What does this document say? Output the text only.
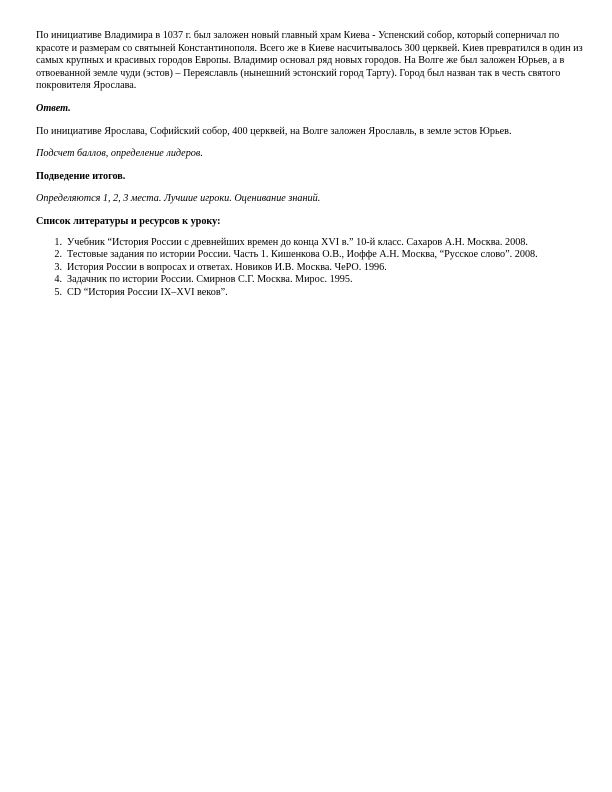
По инициативе Владимира в 1037 г. был заложен новый главный храм Киева - Успенский собор, который соперничал по
красоте и размерам со святыней Константинополя. Всего же в Киеве насчитывалось 300 церквей. Киев превратился в один из
самых крупных и красивых городов Европы. Владимир основал ряд новых городов. На Волге же был заложен Юрьев, а в
отвоеванной земле чуди (эстов) – Переяславль (нынешний эстонский город Тарту). Город был назван так в честь святого
покровителя Ярослава.

Ответ.

По инициативе Ярослава, Софийский собор, 400 церквей, на Волге заложен Ярославль, в земле эстов Юрьев.

Подсчет баллов, определение лидеров.

Подведение итогов.

Определяются 1, 2, 3 места. Лучшие игроки. Оценивание знаний.

Список литературы и ресурсов к уроку:

1. Учебник “История России с древнейших времен до конца XVI в.” 10-й класс. Сахаров А.Н. Москва. 2008.
2. Тестовые задания по истории России. Часть 1. Кишенкова О.В., Иоффе А.Н. Москва, “Русское слово”. 2008.
3. История России в вопросах и ответах. Новиков И.В. Москва. ЧеРО. 1996.
4. Задачник по истории России. Смирнов С.Г. Москва. Мирос. 1995.
5. CD “История России IX–XVI веков”.
